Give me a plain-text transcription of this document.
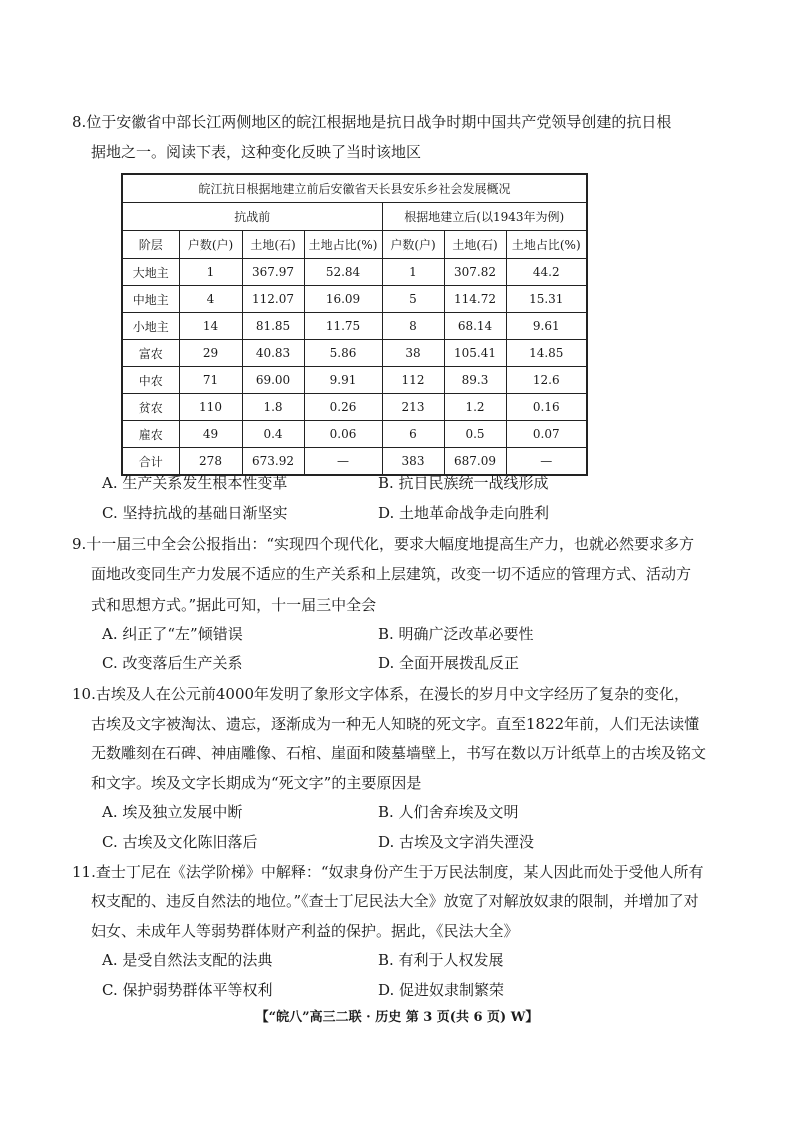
8.位于安徽省中部长江两侧地区的皖江根据地是抗日战争时期中国共产党领导创建的抗日根
据地之一。阅读下表，这种变化反映了当时该地区
皖江抗日根据地建立前后安徽省天长县安乐乡社会发展概况						
抗战前				根据地建立后(以1943年为例)		
阶层	户数(户)	土地(石)	土地占比(%)	户数(户)	土地(石)	土地占比(%)
大地主	1	367.97	52.84	1	307.82	44.2
中地主	4	112.07	16.09	5	114.72	15.31
小地主	14	81.85	11.75	8	68.14	9.61
富农	29	40.83	5.86	38	105.41	14.85
中农	71	69.00	9.91	112	89.3	12.6
贫农	110	1.8	0.26	213	1.2	0.16
雇农	49	0.4	0.06	6	0.5	0.07
合计	278	673.92	—	383	687.09	—
A. 生产关系发生根本性变革	B. 抗日民族统一战线形成
C. 坚持抗战的基础日渐坚实	D. 土地革命战争走向胜利
9.十一届三中全会公报指出：“实现四个现代化，要求大幅度地提高生产力，也就必然要求多方
面地改变同生产力发展不适应的生产关系和上层建筑，改变一切不适应的管理方式、活动方
式和思想方式。”据此可知，十一届三中全会
A. 纠正了“左”倾错误	B. 明确广泛改革必要性
C. 改变落后生产关系	D. 全面开展拨乱反正
10.古埃及人在公元前4000年发明了象形文字体系，在漫长的岁月中文字经历了复杂的变化，
古埃及文字被淘汰、遗忘，逐渐成为一种无人知晓的死文字。直至1822年前，人们无法读懂
无数雕刻在石碑、神庙雕像、石棺、崖面和陵墓墙壁上，书写在数以万计纸草上的古埃及铭文
和文字。埃及文字长期成为“死文字”的主要原因是
A. 埃及独立发展中断	B. 人们舍弃埃及文明
C. 古埃及文化陈旧落后	D. 古埃及文字消失湮没
11.查士丁尼在《法学阶梯》中解释：“奴隶身份产生于万民法制度，某人因此而处于受他人所有
权支配的、违反自然法的地位。”《查士丁尼民法大全》放宽了对解放奴隶的限制，并增加了对
妇女、未成年人等弱势群体财产利益的保护。据此，《民法大全》
A. 是受自然法支配的法典	B. 有利于人权发展
C. 保护弱势群体平等权利	D. 促进奴隶制繁荣
【“皖八”高三二联 · 历史 第 3 页(共 6 页) W】
